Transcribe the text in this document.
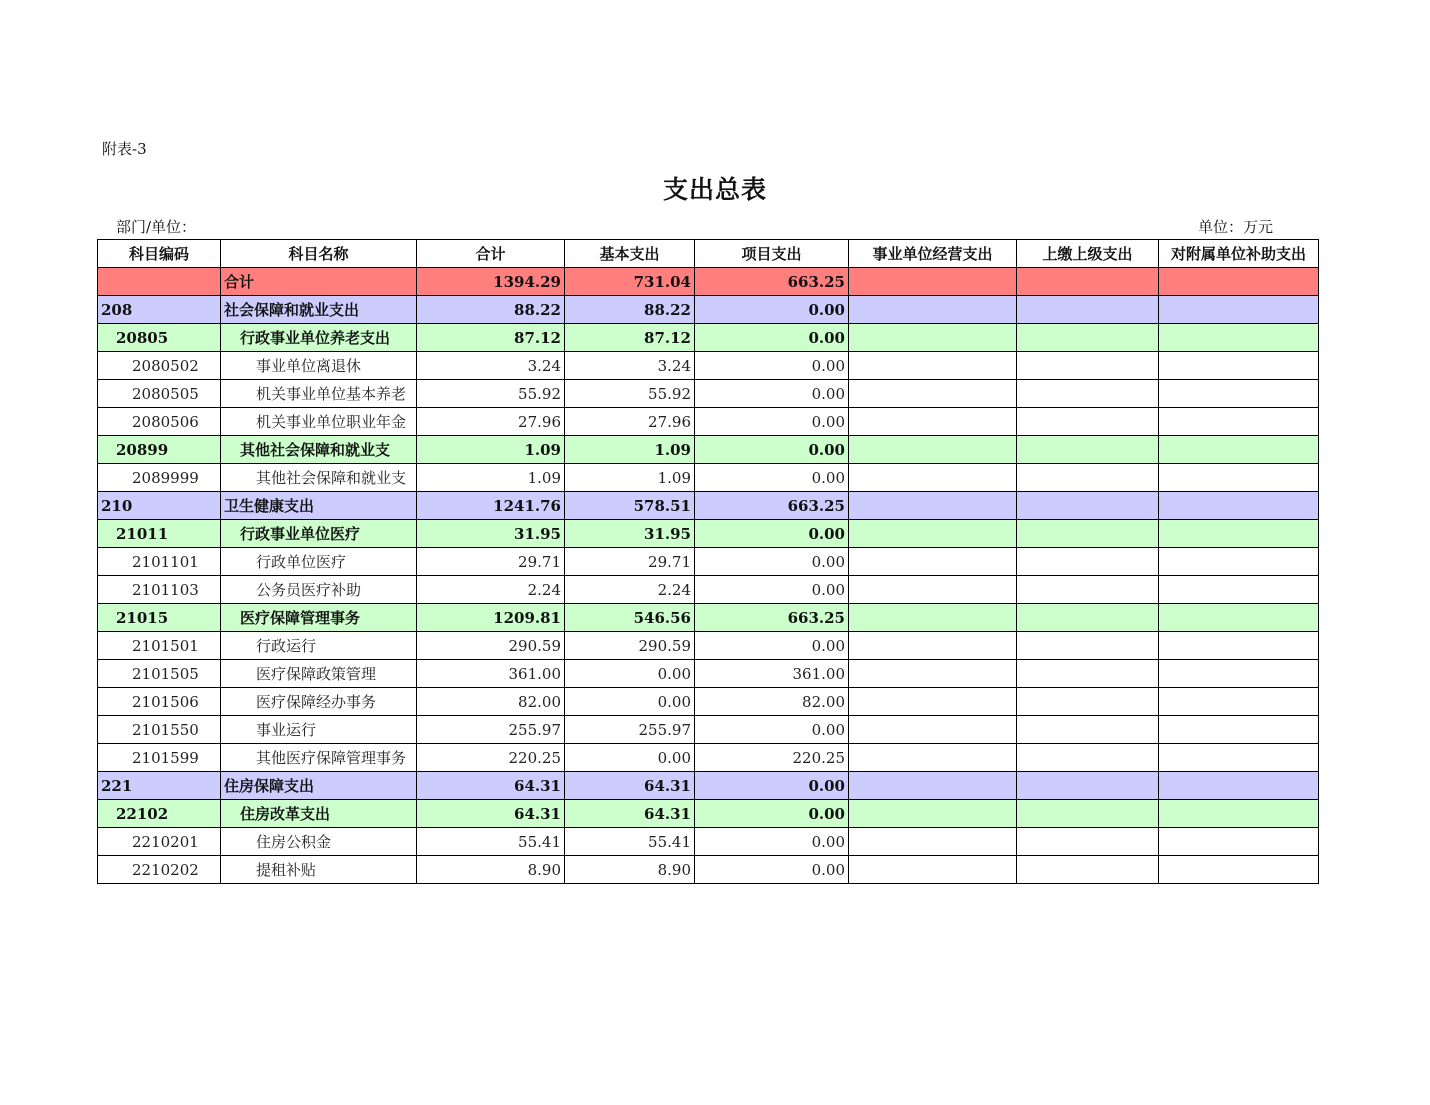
附表-3
支出总表
部门/单位：	单位：万元
科目编码	科目名称	合计	基本支出	项目支出	事业单位经营支出	上缴上级支出	对附属单位补助支出
	合计	1394.29	731.04	663.25			
208	社会保障和就业支出	88.22	88.22	0.00			
20805	行政事业单位养老支出	87.12	87.12	0.00			
2080502	事业单位离退休	3.24	3.24	0.00			
2080505	机关事业单位基本养老	55.92	55.92	0.00			
2080506	机关事业单位职业年金	27.96	27.96	0.00			
20899	其他社会保障和就业支	1.09	1.09	0.00			
2089999	其他社会保障和就业支	1.09	1.09	0.00			
210	卫生健康支出	1241.76	578.51	663.25			
21011	行政事业单位医疗	31.95	31.95	0.00			
2101101	行政单位医疗	29.71	29.71	0.00			
2101103	公务员医疗补助	2.24	2.24	0.00			
21015	医疗保障管理事务	1209.81	546.56	663.25			
2101501	行政运行	290.59	290.59	0.00			
2101505	医疗保障政策管理	361.00	0.00	361.00			
2101506	医疗保障经办事务	82.00	0.00	82.00			
2101550	事业运行	255.97	255.97	0.00			
2101599	其他医疗保障管理事务	220.25	0.00	220.25			
221	住房保障支出	64.31	64.31	0.00			
22102	住房改革支出	64.31	64.31	0.00			
2210201	住房公积金	55.41	55.41	0.00			
2210202	提租补贴	8.90	8.90	0.00			
